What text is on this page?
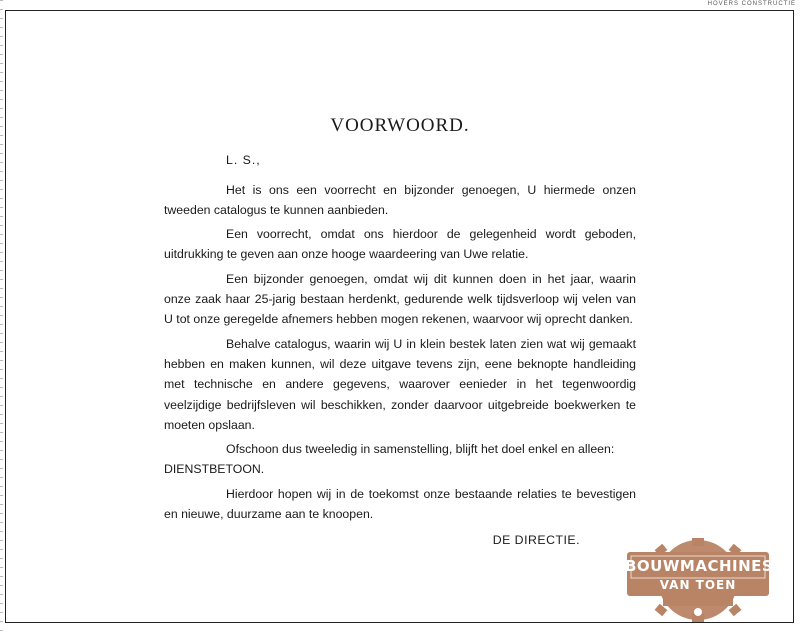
HOVERS CONSTRUCTIE
VOORWOORD.
L. S.,

Het is ons een voorrecht en bijzonder genoegen, U hiermede onzen tweeden catalogus te kunnen aanbieden.

Een voorrecht, omdat ons hierdoor de gelegenheid wordt geboden, uitdrukking te geven aan onze hooge waardeering van Uwe relatie.

Een bijzonder genoegen, omdat wij dit kunnen doen in het jaar, waarin onze zaak haar 25-jarig bestaan herdenkt, gedurende welk tijdsverloop wij velen van U tot onze geregelde afnemers hebben mogen rekenen, waarvoor wij oprecht danken.

Behalve catalogus, waarin wij U in klein bestek laten zien wat wij gemaakt hebben en maken kunnen, wil deze uitgave tevens zijn, eene beknopte handleiding met technische en andere gegevens, waarover eenieder in het tegenwoordig veelzijdige bedrijfsleven wil beschikken, zonder daarvoor uitgebreide boekwerken te moeten opslaan.

Ofschoon dus tweeledig in samenstelling, blijft het doel enkel en alleen:

DIENSTBETOON.

Hierdoor hopen wij in de toekomst onze bestaande relaties te bevestigen en nieuwe, duurzame aan te knoopen.

DE DIRECTIE.
BOUWMACHINES
VAN TOEN
